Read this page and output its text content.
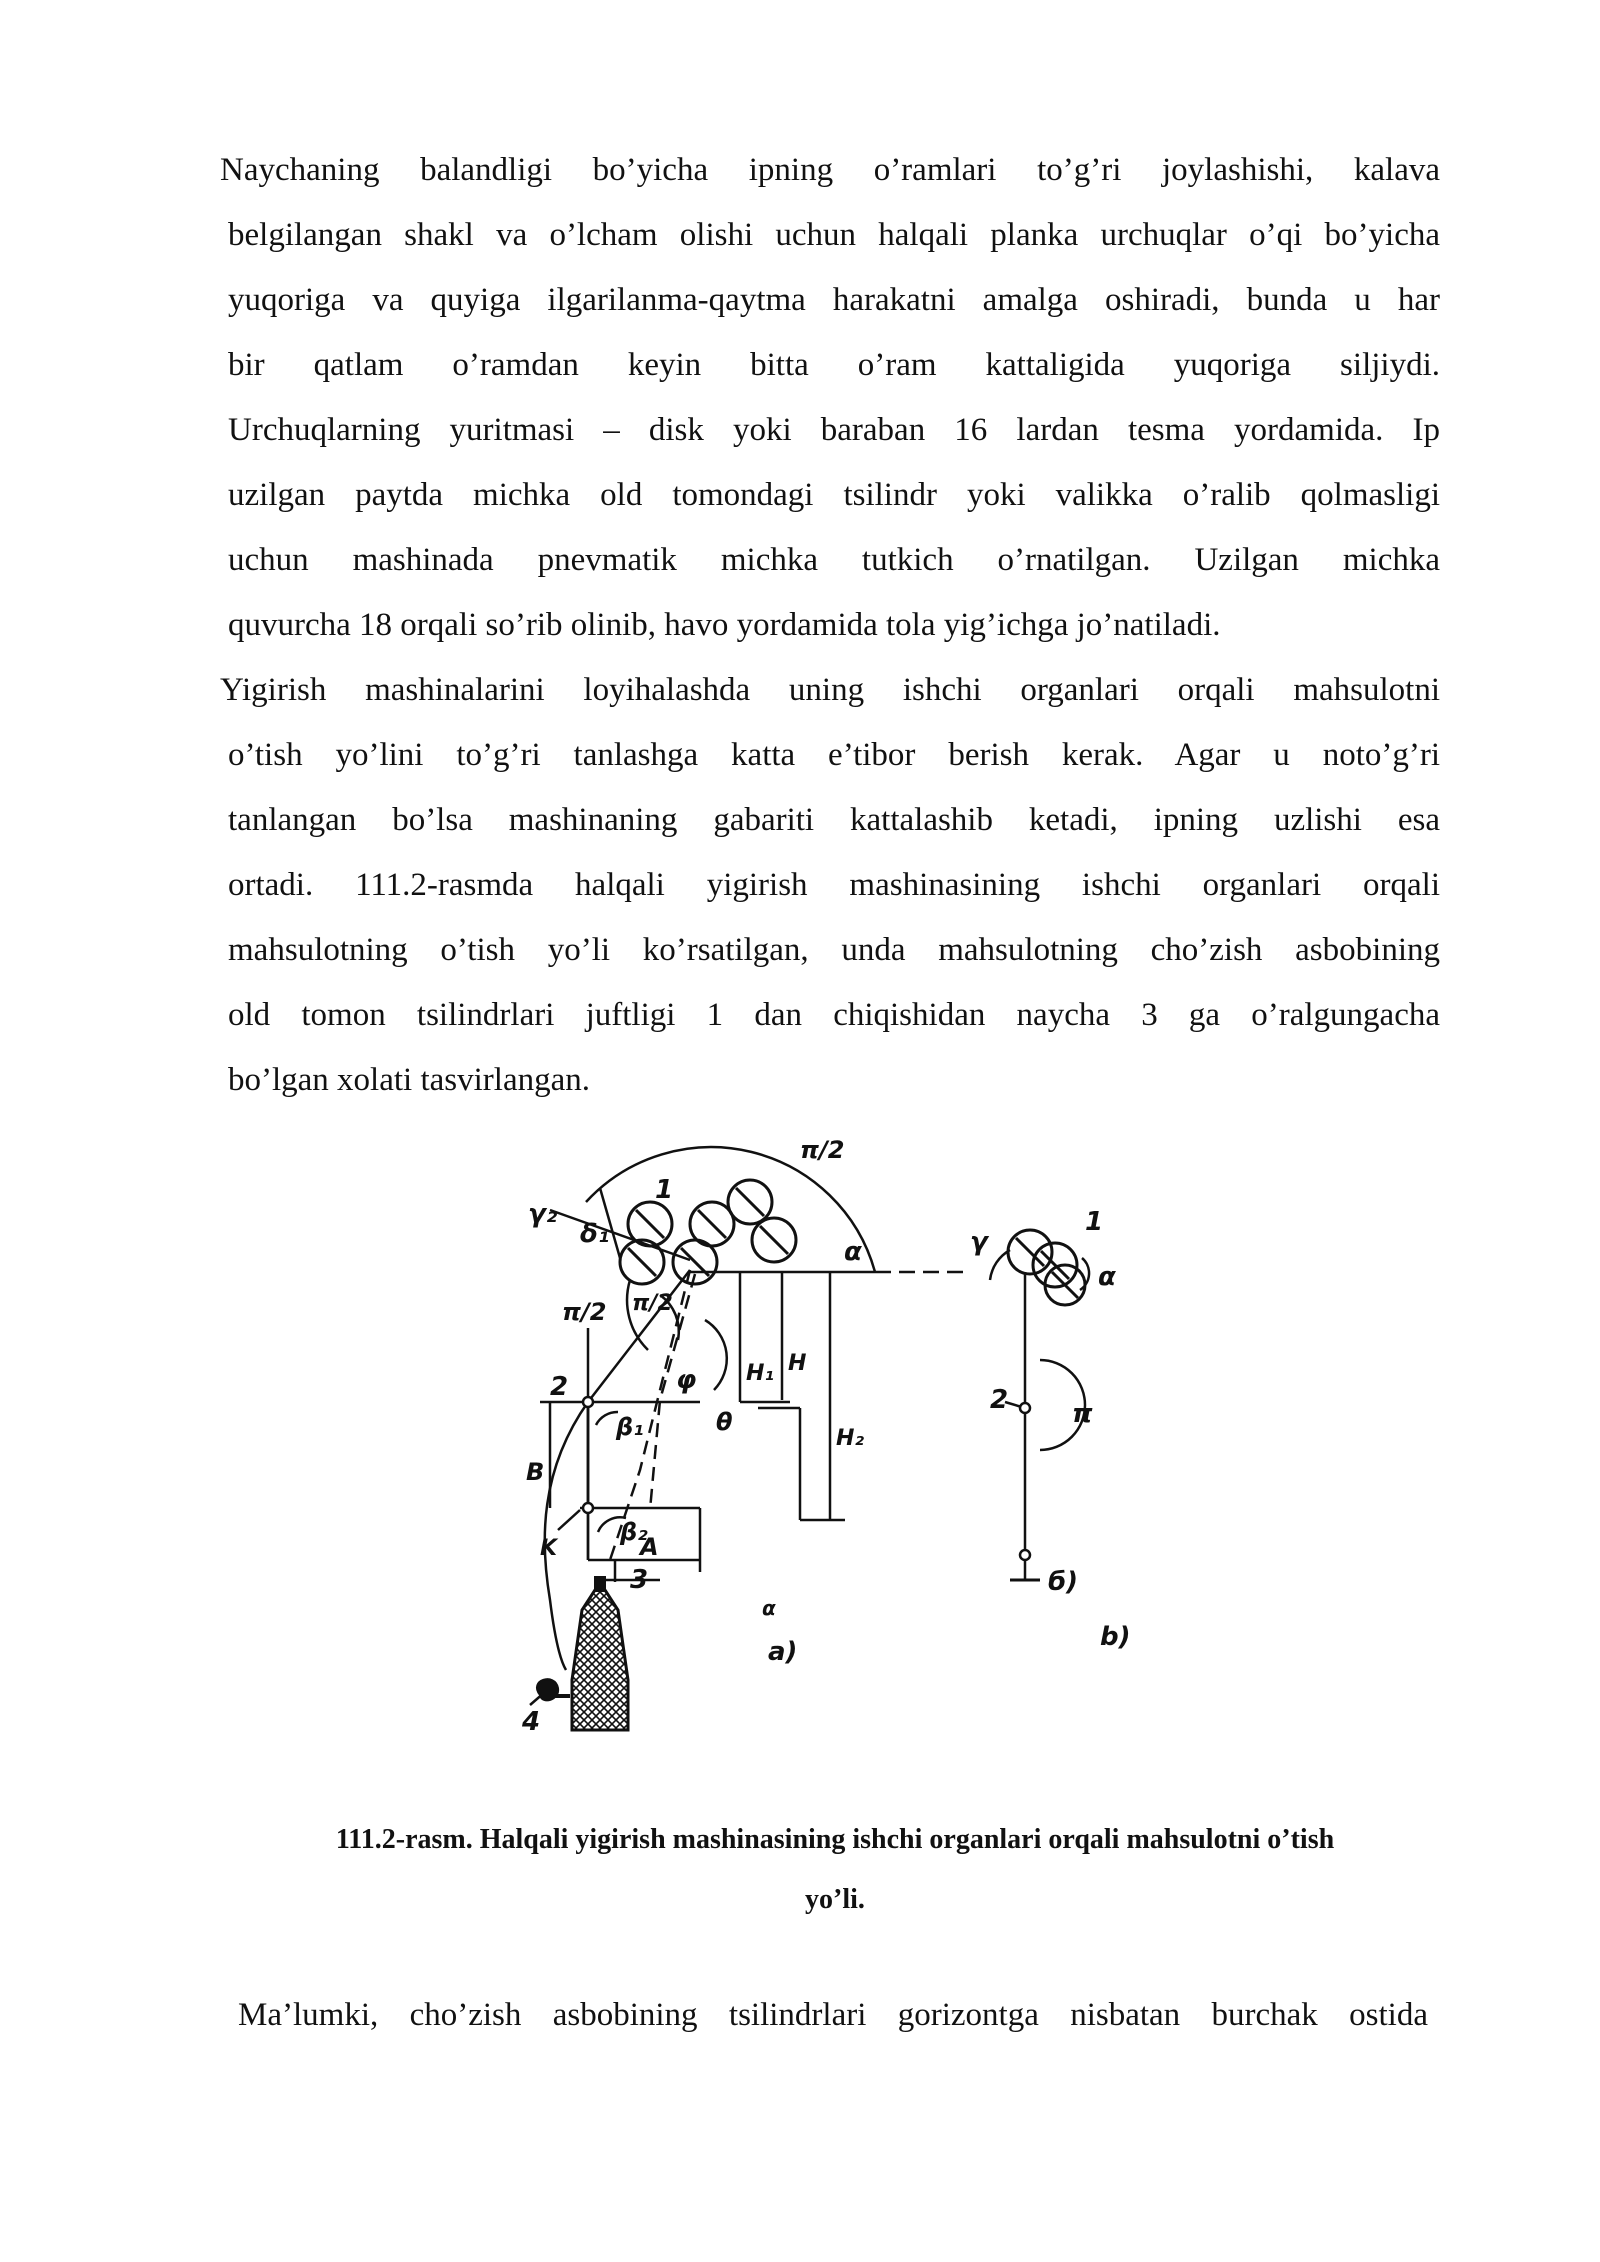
Naychaning balandligi bo’yicha ipning o’ramlari to’g’ri joylashishi, kalava
belgilangan shakl va o’lcham olishi uchun halqali planka urchuqlar o’qi bo’yicha
yuqoriga va quyiga ilgarilanma-qaytma harakatni amalga oshiradi, bunda u har
bir qatlam o’ramdan keyin bitta o’ram kattaligida yuqoriga siljiydi.
Urchuqlarning yuritmasi – disk yoki baraban 16 lardan tesma yordamida. Ip
uzilgan paytda michka old tomondagi tsilindr yoki valikka o’ralib qolmasligi
uchun mashinada pnevmatik michka tutkich o’rnatilgan. Uzilgan michka
quvurcha 18 orqali so’rib olinib, havo yordamida tola yig’ichga jo’natiladi.
Yigirish mashinalarini loyihalashda uning ishchi organlari orqali mahsulotni
o’tish yo’lini to’g’ri tanlashga katta e’tibor berish kerak. Agar u noto’g’ri
tanlangan bo’lsa mashinaning gabariti kattalashib ketadi, ipning uzlishi esa
ortadi. 111.2-rasmda halqali yigirish mashinasining ishchi organlari orqali
mahsulotning o’tish yo’li ko’rsatilgan, unda mahsulotning cho’zish asbobining
old tomon tsilindrlari juftligi 1 dan chiqishidan naycha 3 ga o’ralgungacha
bo’lgan xolati tasvirlangan.
π/2
γ₂
δ₁
1
α
π/2 π/2
H₁ H
H₂
2	φ
β₁	θ
B
β₂
K	A
3
4
α
a)
γ
1
α
2 π
б)
b)
111.2-rasm. Halqali yigirish mashinasining ishchi organlari orqali mahsulotni o’tish
yo’li.
Ma’lumki, cho’zish asbobining tsilindrlari gorizontga nisbatan burchak ostida
